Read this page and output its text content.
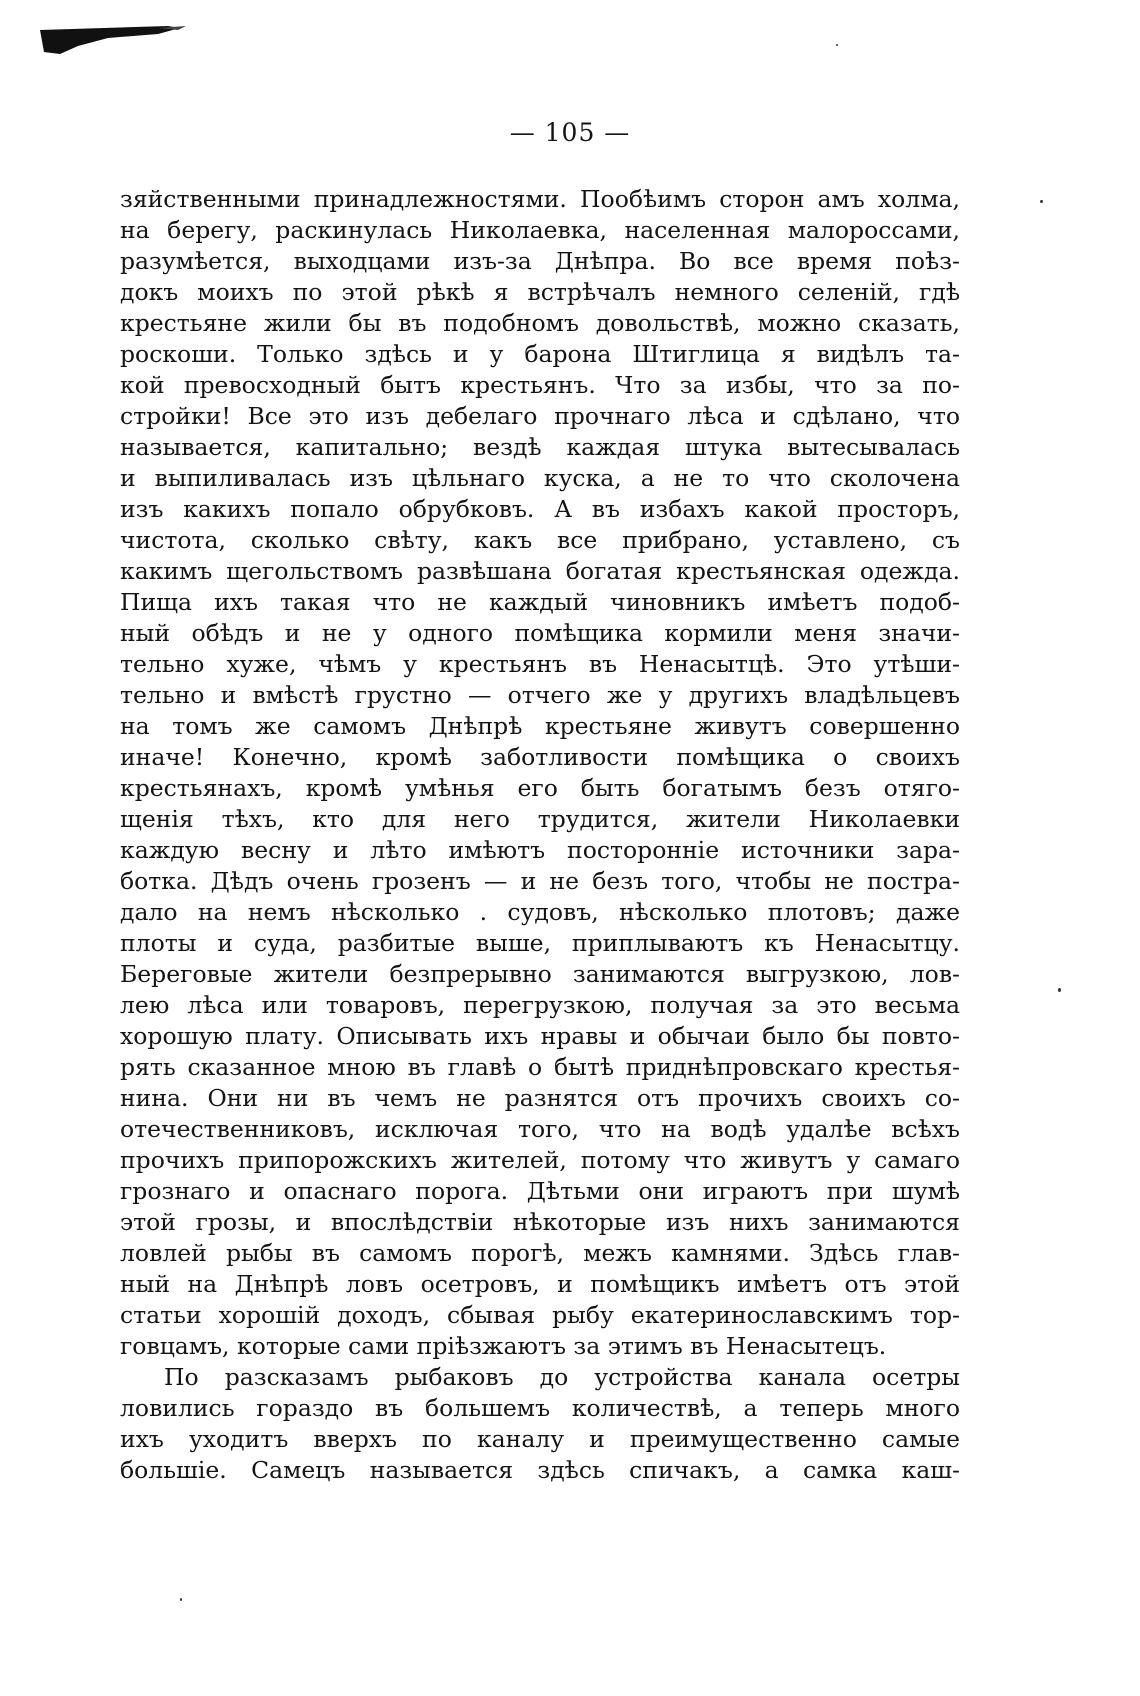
— 105 —
зяйственными принадлежностями. Пообѣимъ сторон амъ холма,
на берегу, раскинулась Николаевка, населенная малороссами,
разумѣется, выходцами изъ-за Днѣпра. Во все время поѣз-
докъ моихъ по этой рѣкѣ я встрѣчалъ немного селеній, гдѣ
крестьяне жили бы въ подобномъ довольствѣ, можно сказать,
роскоши. Только здѣсь и у барона Штиглица я видѣлъ та-
кой превосходный бытъ крестьянъ. Что за избы, что за по-
стройки! Все это изъ дебелаго прочнаго лѣса и сдѣлано, что
называется, капитально; вездѣ каждая штука вытесывалась
и выпиливалась изъ цѣльнаго куска, а не то что сколочена
изъ какихъ попало обрубковъ. А въ избахъ какой просторъ,
чистота, сколько свѣту, какъ все прибрано, уставлено, съ
какимъ щегольствомъ развѣшана богатая крестьянская одежда.
Пища ихъ такая что не каждый чиновникъ имѣетъ подоб-
ный обѣдъ и не у одного помѣщика кормили меня значи-
тельно хуже, чѣмъ у крестьянъ въ Ненасытцѣ. Это утѣши-
тельно и вмѣстѣ грустно — отчего же у другихъ владѣльцевъ
на томъ же самомъ Днѣпрѣ крестьяне живутъ совершенно
иначе! Конечно, кромѣ заботливости помѣщика о своихъ
крестьянахъ, кромѣ умѣнья его быть богатымъ безъ отяго-
щенія тѣхъ, кто для него трудится, жители Николаевки
каждую весну и лѣто имѣютъ посторонніе источники зара-
ботка. Дѣдъ очень грозенъ — и не безъ того, чтобы не постра-
дало на немъ нѣсколько . судовъ, нѣсколько плотовъ; даже
плоты и суда, разбитые выше, приплываютъ къ Ненасытцу.
Береговые жители безпрерывно занимаются выгрузкою, лов-
лею лѣса или товаровъ, перегрузкою, получая за это весьма
хорошую плату. Описывать ихъ нравы и обычаи было бы повто-
рять сказанное мною въ главѣ о бытѣ приднѣпровскаго крестья-
нина. Они ни въ чемъ не разнятся отъ прочихъ своихъ со-
отечественниковъ, исключая того, что на водѣ удалѣе всѣхъ
прочихъ припорожскихъ жителей, потому что живутъ у самаго
грознаго и опаснаго порога. Дѣтьми они играютъ при шумѣ
этой грозы, и впослѣдствіи нѣкоторые изъ нихъ занимаются
ловлей рыбы въ самомъ порогѣ, межъ камнями. Здѣсь глав-
ный на Днѣпрѣ ловъ осетровъ, и помѣщикъ имѣетъ отъ этой
статьи хорошій доходъ, сбывая рыбу екатеринославскимъ тор-
говцамъ, которые сами пріѣзжаютъ за этимъ въ Ненасытецъ.
По разсказамъ рыбаковъ до устройства канала осетры
ловились гораздо въ большемъ количествѣ, а теперь много
ихъ уходитъ вверхъ по каналу и преимущественно самые
большіе. Самецъ называется здѣсь спичакъ, а самка каш-
